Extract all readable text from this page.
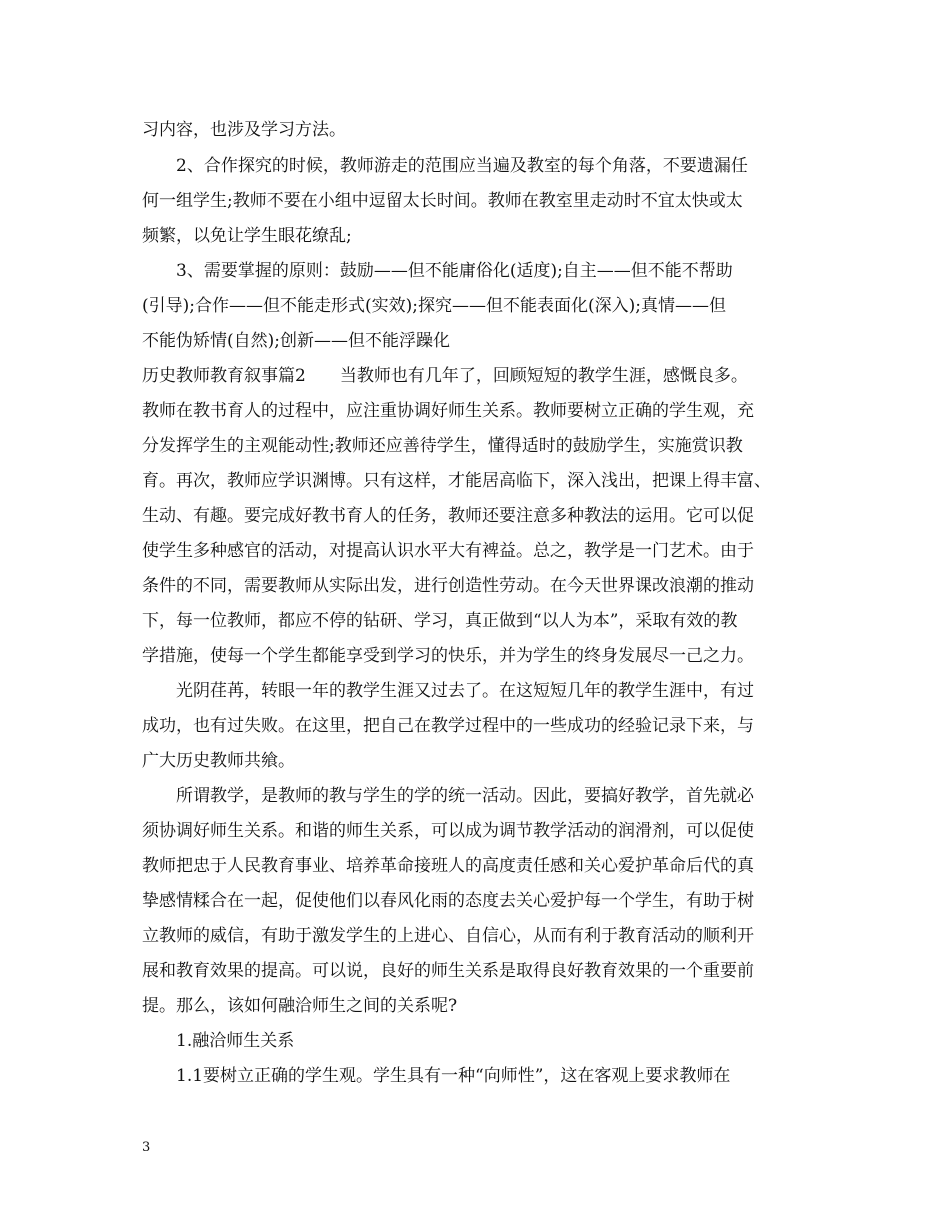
习内容，也涉及学习方法。
2、合作探究的时候，教师游走的范围应当遍及教室的每个角落，不要遗漏任
何一组学生;教师不要在小组中逗留太长时间。教师在教室里走动时不宜太快或太
频繁，以免让学生眼花缭乱;
3、需要掌握的原则：鼓励——但不能庸俗化(适度);自主——但不能不帮助
(引导);合作——但不能走形式(实效);探究——但不能表面化(深入);真情——但
不能伪矫情(自然);创新——但不能浮躁化
历史教师教育叙事篇2　　当教师也有几年了，回顾短短的教学生涯，感慨良多。
教师在教书育人的过程中，应注重协调好师生关系。教师要树立正确的学生观，充
分发挥学生的主观能动性;教师还应善待学生，懂得适时的鼓励学生，实施赏识教
育。再次，教师应学识渊博。只有这样，才能居高临下，深入浅出，把课上得丰富、
生动、有趣。要完成好教书育人的任务，教师还要注意多种教法的运用。它可以促
使学生多种感官的活动，对提高认识水平大有裨益。总之，教学是一门艺术。由于
条件的不同，需要教师从实际出发，进行创造性劳动。在今天世界课改浪潮的推动
下，每一位教师，都应不停的钻研、学习，真正做到“以人为本”，采取有效的教
学措施，使每一个学生都能享受到学习的快乐，并为学生的终身发展尽一己之力。
光阴荏苒，转眼一年的教学生涯又过去了。在这短短几年的教学生涯中，有过
成功，也有过失败。在这里，把自己在教学过程中的一些成功的经验记录下来，与
广大历史教师共飨。
所谓教学，是教师的教与学生的学的统一活动。因此，要搞好教学，首先就必
须协调好师生关系。和谐的师生关系，可以成为调节教学活动的润滑剂，可以促使
教师把忠于人民教育事业、培养革命接班人的高度责任感和关心爱护革命后代的真
挚感情糅合在一起，促使他们以春风化雨的态度去关心爱护每一个学生，有助于树
立教师的威信，有助于激发学生的上进心、自信心，从而有利于教育活动的顺利开
展和教育效果的提高。可以说，良好的师生关系是取得良好教育效果的一个重要前
提。那么，该如何融洽师生之间的关系呢?
1.融洽师生关系
1.1要树立正确的学生观。学生具有一种“向师性”，这在客观上要求教师在
3
